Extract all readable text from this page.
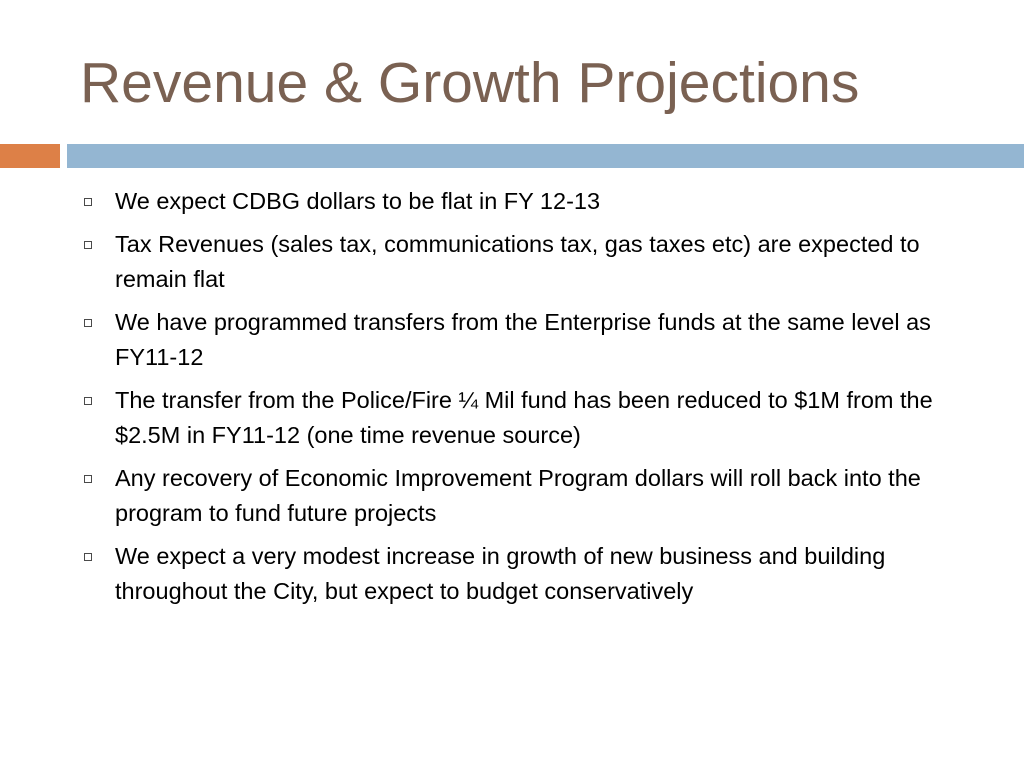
Revenue & Growth Projections
We expect CDBG dollars to be flat in FY 12-13
Tax Revenues (sales tax, communications tax, gas taxes etc) are expected to remain flat
We have programmed transfers from the Enterprise funds at the same level as FY11-12
The transfer from the Police/Fire ¼ Mil fund has been reduced to $1M from the $2.5M in FY11-12 (one time revenue source)
Any recovery of Economic Improvement Program dollars will roll back into the program to fund future projects
We expect a very modest increase in growth of new business and building throughout the City, but expect to budget conservatively
